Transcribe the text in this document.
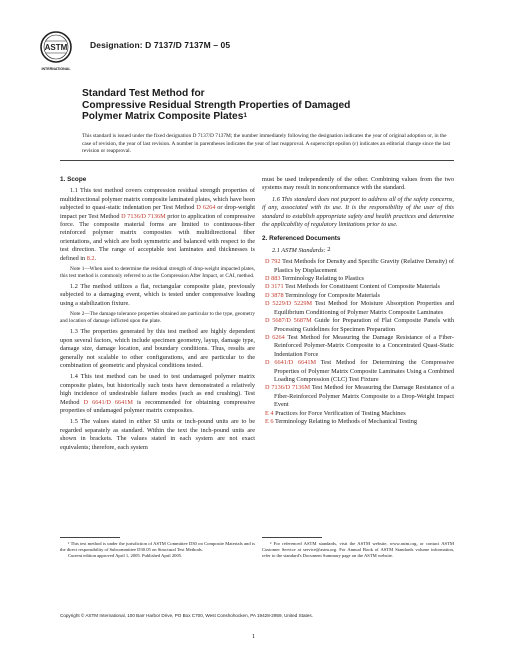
ASTM
INTERNATIONAL
Designation: D 7137/D 7137M – 05
Standard Test Method for
Compressive Residual Strength Properties of Damaged
Polymer Matrix Composite Plates$^1$
This standard is issued under the fixed designation D 7137/D 7137M; the number immediately following the designation indicates the year of original adoption or, in the case of revision, the year of last revision. A number in parentheses indicates the year of last reapproval. A superscript epsilon (ε) indicates an editorial change since the last revision or reapproval.

1. Scope

1.1 This test method covers compression residual strength properties of multidirectional polymer matrix composite laminated plates, which have been subjected to quasi-static indentation per Test Method D 6264 or drop-weight impact per Test Method D 7136/D 7136M prior to application of compressive force. The composite material forms are limited to continuous-fiber reinforced polymer matrix composites with multidirectional fiber orientations, and which are both symmetric and balanced with respect to the test direction. The range of acceptable test laminates and thicknesses is defined in 8.2.

Note 1—When used to determine the residual strength of drop-weight impacted plates, this test method is commonly referred to as the Compression After Impact, or CAI, method.

1.2 The method utilizes a flat, rectangular composite plate, previously subjected to a damaging event, which is tested under compressive loading using a stabilization fixture.

Note 2—The damage tolerance properties obtained are particular to the type, geometry and location of damage inflicted upon the plate.

1.3 The properties generated by this test method are highly dependent upon several factors, which include specimen geometry, layup, damage type, damage size, damage location, and boundary conditions. Thus, results are generally not scalable to other configurations, and are particular to the combination of geometric and physical conditions tested.

1.4 This test method can be used to test undamaged polymer matrix composite plates, but historically such tests have demonstrated a relatively high incidence of undesirable failure modes (such as end crushing). Test Method D 6641/D 6641M is recommended for obtaining compressive properties of undamaged polymer matrix composites.

1.5 The values stated in either SI units or inch-pound units are to be regarded separately as standard. Within the text the inch-pound units are shown in brackets. The values stated in each system are not exact equivalents; therefore, each system

must be used independently of the other. Combining values from the two systems may result in nonconformance with the standard.

1.6 This standard does not purport to address all of the safety concerns, if any, associated with its use. It is the responsibility of the user of this standard to establish appropriate safety and health practices and determine the applicability of regulatory limitations prior to use.

2. Referenced Documents

2.1 ASTM Standards: 2

D 792 Test Methods for Density and Specific Gravity (Relative Density) of Plastics by Displacement

D 883 Terminology Relating to Plastics

D 3171 Test Methods for Constituent Content of Composite Materials

D 3878 Terminology for Composite Materials

D 5229/D 5229M Test Method for Moisture Absorption Properties and Equilibrium Conditioning of Polymer Matrix Composite Laminates

D 5687/D 5687M Guide for Preparation of Flat Composite Panels with Processing Guidelines for Specimen Preparation

D 6264 Test Method for Measuring the Damage Resistance of a Fiber-Reinforced Polymer-Matrix Composite to a Concentrated Quasi-Static Indentation Force

D 6641/D 6641M Test Method for Determining the Compressive Properties of Polymer Matrix Composite Laminates Using a Combined Loading Compression (CLC) Test Fixture

D 7136/D 7136M Test Method for Measuring the Damage Resistance of a Fiber-Reinforced Polymer Matrix Composite to a Drop-Weight Impact Event

E 4 Practices for Force Verification of Testing Machines

E 6 Terminology Relating to Methods of Mechanical Testing

¹ This test method is under the jurisdiction of ASTM Committee D30 on Composite Materials and is the direct responsibility of Subcommittee D30.05 on Structural Test Methods.

Current edition approved April 1, 2005. Published April 2005.

² For referenced ASTM standards, visit the ASTM website, www.astm.org, or contact ASTM Customer Service at service@astm.org. For Annual Book of ASTM Standards volume information, refer to the standard's Document Summary page on the ASTM website.

Copyright © ASTM International, 100 Barr Harbor Drive, PO Box C700, West Conshohocken, PA 19428-2959, United States.
1
